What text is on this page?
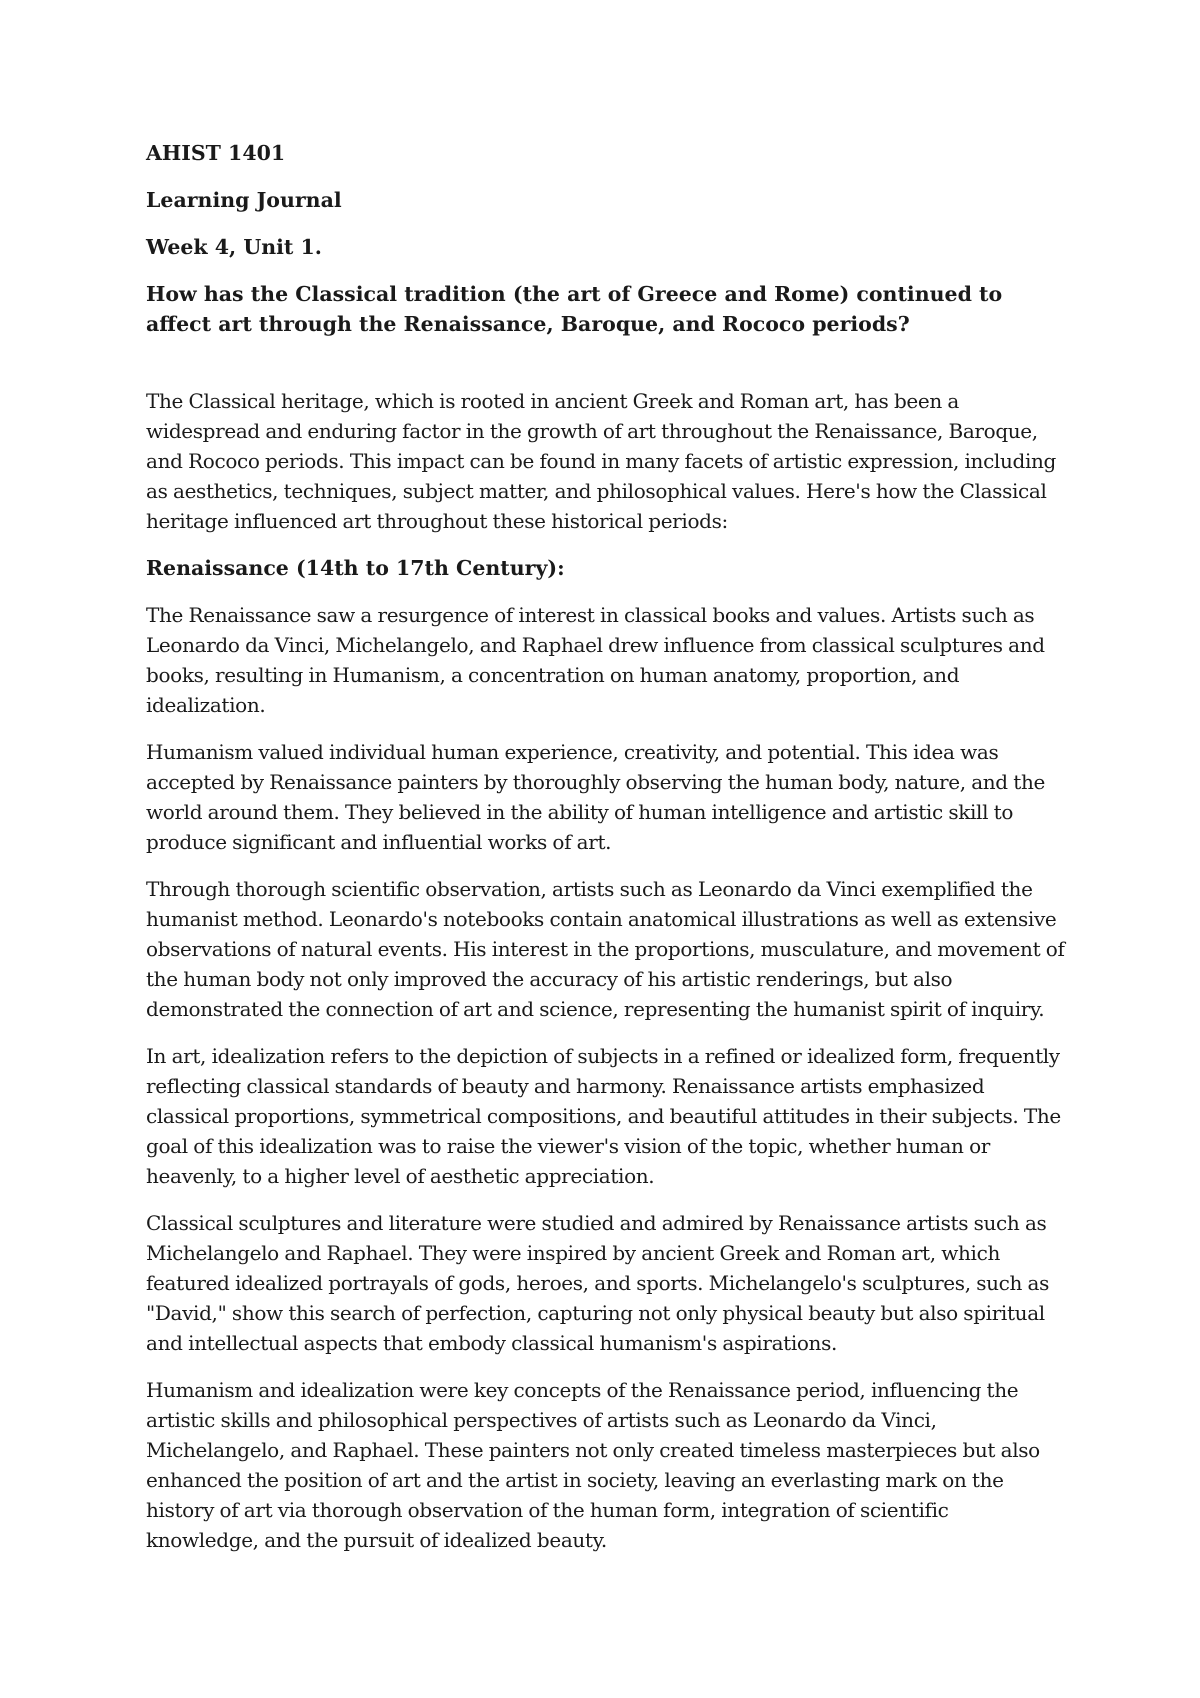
AHIST 1401

Learning Journal

Week 4, Unit 1.

How has the Classical tradition (the art of Greece and Rome) continued to affect art through the Renaissance, Baroque, and Rococo periods?

The Classical heritage, which is rooted in ancient Greek and Roman art, has been a widespread and enduring factor in the growth of art throughout the Renaissance, Baroque, and Rococo periods. This impact can be found in many facets of artistic expression, including as aesthetics, techniques, subject matter, and philosophical values. Here's how the Classical heritage influenced art throughout these historical periods:

Renaissance (14th to 17th Century):

The Renaissance saw a resurgence of interest in classical books and values. Artists such as Leonardo da Vinci, Michelangelo, and Raphael drew influence from classical sculptures and books, resulting in Humanism, a concentration on human anatomy, proportion, and idealization.

Humanism valued individual human experience, creativity, and potential. This idea was accepted by Renaissance painters by thoroughly observing the human body, nature, and the world around them. They believed in the ability of human intelligence and artistic skill to produce significant and influential works of art.

Through thorough scientific observation, artists such as Leonardo da Vinci exemplified the humanist method. Leonardo's notebooks contain anatomical illustrations as well as extensive observations of natural events. His interest in the proportions, musculature, and movement of the human body not only improved the accuracy of his artistic renderings, but also demonstrated the connection of art and science, representing the humanist spirit of inquiry.

In art, idealization refers to the depiction of subjects in a refined or idealized form, frequently reflecting classical standards of beauty and harmony. Renaissance artists emphasized classical proportions, symmetrical compositions, and beautiful attitudes in their subjects. The goal of this idealization was to raise the viewer's vision of the topic, whether human or heavenly, to a higher level of aesthetic appreciation.

Classical sculptures and literature were studied and admired by Renaissance artists such as Michelangelo and Raphael. They were inspired by ancient Greek and Roman art, which featured idealized portrayals of gods, heroes, and sports. Michelangelo's sculptures, such as "David," show this search of perfection, capturing not only physical beauty but also spiritual and intellectual aspects that embody classical humanism's aspirations.

Humanism and idealization were key concepts of the Renaissance period, influencing the artistic skills and philosophical perspectives of artists such as Leonardo da Vinci, Michelangelo, and Raphael. These painters not only created timeless masterpieces but also enhanced the position of art and the artist in society, leaving an everlasting mark on the history of art via thorough observation of the human form, integration of scientific knowledge, and the pursuit of idealized beauty.
